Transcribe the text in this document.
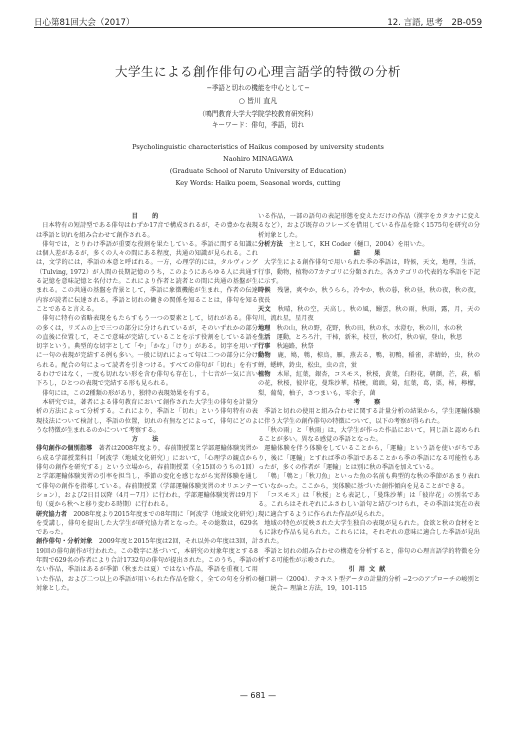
日心第81回大会（2017）	12. 言語, 思考　2B-059
大学生による創作俳句の心理言語学的特徴の分析
−季語と切れの機能を中心として−
○ 皆川 直凡
（鳴門教育大学大学院学校教育研究科）
キーワード：俳句，季語，切れ
Psycholinguistic characteristics of Haikus composed by university students
Naohiro MINAGAWA
(Graduate School of Naruto University of Education)
Key Words: Haiku poem, Seasonal words, cutting

目　的

日本特有の短詩型である俳句はわずか17音で構成されるが，その豊かな表現は季語と切れを組み合わせて創作される。

俳句では，とりわけ季語が重要な役割を果たしている。季語に関する知識には個人差があるが，多くの人々の間にある程度，共通の知識が見られる。これは，文学的には，季語の本意と呼ばれる。一方，心理学的には，タルヴィング（Tulving, 1972）が人間の長期記憶のうち，このようにあらゆる人に共通する記憶を意味記憶と名付けた。これにより作者と読者との間に共通の基盤が生まれる。この共通の基盤を背景として，季語に象徴機能が生まれ，作者の伝達内容が読者に伝達される。季語と切れの働きの関係を知ることは，俳句を知ることであると言える。

俳句に特有の省略表現をもたらすもう一つの要素として，切れがある。俳句の多くは，リズムの上で三つの部分に分けられているが，そのいずれかの部分の直後に位置して，そこで意味が完結していることを示す役割をしている語を切字という。典型的な切字として「や」「かな」「けり」がある。切字を用いずに一句の表現が完結する例も多い。一般に切れによって句は二つの部分に分けられる。配合の句によって読者を引きつける。すべての俳句が「切れ」を有するわけではなく，一度も切れない形を含む俳句も存在し，十七音が一気に言い下ろし，ひとつの表現で完結する形も見られる。

俳句には，この2種類の形があり，独特の表現効果を有する。

本研究では，著者による俳句教育において創作された大学生の俳句を計量分析の方法によって分析する。これにより，季語と「切れ」という俳句特有の表現技法について検討し，季語の位置，切れの有無などによって，俳句にどのような特徴が生まれるのかについて考察する。

方　法

俳句創作の個別指導　 著者は2008年度より，春前期授業と学部運輸体験実習から成る学部授業科目「阿波学（地域文化研究）」において，「心理学の観点から俳句の創作を研究する」という立場から，春前期授業（全15回のうちの1回）と学部運輸体験実習の引率を担当し，季節の変化を感じながら実習体験を通して俳句の創作を指導している。春前期授業（学部運輸体験実習のオリエンテーション），および2日目以降（4月〜7月）に行われ，学部運輸体験実習は9月下旬（夏から秋へと移り変わる時期）に行われる。

研究協力者　 2008年度より2015年度までの8年間に「阿波学（地域文化研究）」を受講し，俳句を提出した大学生が研究協力者となった。その総数は，629名であった。

創作俳句・分析対象　 2009年度と2015年度は2回，それ以外の年度は3回，計19回の俳句創作が行われた。この数字に基づいて，本研究の対象年度とする8年間で629名の作者により合計1732句の俳句が提出された。このうち，季語のない作品，季語はあるが季節（秋または夏）ではない作品，季語を重複して用いた作品，および二つ以上の季語が用いられた作品を除く，全ての句を分析の対象とした。

いる作品，一部の語句の表記形態を変えただけの作品（漢字をカタカナに変えるなど），および既存のフレーズを借用している作品を除く1575句を研究の分析対象とした。

分析方法　 主として，KH Coder（樋口，2004）を用いた。

結　果

大学生による創作俳句で用いられた季の季語は，時候，天文，地理，生活，行事，動物，植物の7カテゴリに分類された。各カテゴリの代表的な季語を下記に示す。

時候　 残暑，爽やか，秋うらら，冷やか，秋の暮，秋の昼，秋の夜，秋の夜，夜長

天文　 秋晴，秋の空，天高し，秋の風，鰯雲，秋の雨，秋雨，露，月，天の川，流れ星，星月夜

地理　 秋の山，秋の野，花野，秋の田，秋の水，水澄む，秋の川，水の秋

生活　 運動，とろろ汁，干柿，新米，枝豆，秋の灯，秋の宿，登山，秋思

行事　 秋遍路，秋祭

動物　 鹿，鳩，鵯，椋鳥，雁，燕去る，鴨，初鴨，稲雀，赤蜻蛉，虫，秋の蝉，蟋蟀，鈴虫，松虫，虫の音，蛍

植物　 木犀，紅葉，銀杏，コスモス，秋桜，黄葉，白粉花，朝顔，芒，萩，稲の花，秋桜，彼岸花，曼珠沙華，桔梗，鶏頭，菊，紅葉，葛，栗，柿，檸檬，梨，葡萄，柚子，さつまいも，零余子，菌

考　察

季語と切れの使用と組み合わせに関する計量分析の結果から，学生運輸体験に伴う大学生の創作俳句の特徴について，以下の考察が得られた。

「秋の雨」と「秋雨」は，大学生が作った作品において，同じ語と認められることが多い。異なる感覚の季語となった。

運輸体験を伴う体験をしていることから，「運輸」という語を使いがちであり，後に「運輸」とすれば季の季語であることから季の季語になる可能性もあったが，多くの作者が「運輸」とは別に秋の季語を加えている。

「鵯」「鵯と」「秋刀魚」といった魚の名前も典型的な秋の季節があまり表れていなかった。ここから，実体験に基づいた創作傾向を見ることができる。

「コスモス」は「秋桜」とも表記し，「曼珠沙華」は「彼岸花」の別名である。これらはそれぞれにふさわしい語句と結びつけられ，その季語は実在の表現に適合するように作られた作品が見られた。

地域の特色が反映された大学生独自の表現が見られた。食欲と秋の食材をともに詠む作品も見られた。これらには，それぞれの意味に適合した季語が見出された。

季語と切れの組み合わせの構造を分析すると，俳句の心理言語学的特徴を分析する可能性が示唆された。

引用文献

樋口耕一（2004）．テキスト型データの計量的分析 −2つのアプローチの峻別と統合− 理論と方法，19，101-115

— 681 —
